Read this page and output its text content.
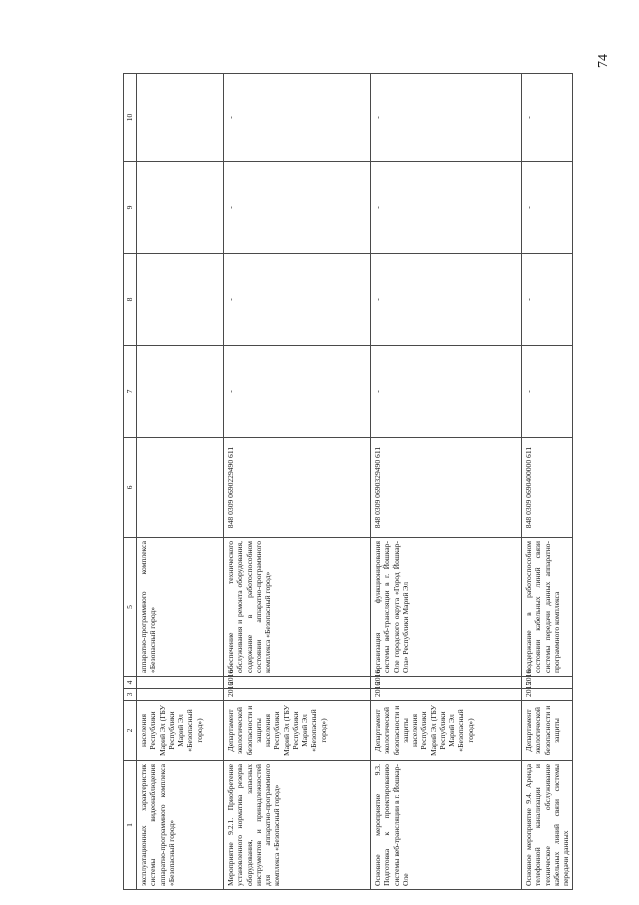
74
1	2	3	4	5	6	7	8	9	10
эксплуатационных характеристик системы видеонаблюдения аппаратно-программного комплекса «Безопасный город»	населения Республики Марий Эл (ГБУ Республики Марий Эл «Безопасный город»)			аппаратно-программного комплекса «Безопасный город»					
Мероприятие 9.2.1. Приобретение установленного норматива резерва оборудования, запасных инструментов и принадлежностей для аппаратно-программного комплекса «Безопасный город»	Департамент экологической безопасности и защиты населения Республики Марий Эл (ГБУ Республики Марий Эл «Безопасный город»)	2016	2016	обеспечение технического обслуживания и ремонта оборудования, содержание в работоспособном состоянии аппаратно-программного комплекса «Безопасный город»	848 0309 0690229490 611	-	-	-	-
Основное мероприятие 9.3. Подготовка к проектированию системы веб-трансляции в г. Йошкар-Оле	Департамент экологической безопасности и защиты населения Республики Марий Эл (ГБУ Республики Марий Эл «Безопасный город»)	2016	2016	организация функционирования системы веб-трансляции в г. Йошкар-Оле городского округа «Город Йошкар-Ола» Республики Марий Эл	848 0309 0690329490 611	-	-	-	-
Основное мероприятие 9.4. Аренда телефонной канализации и техническое обслуживание кабельных линий связи системы передачи данных	Департамент экологической безопасности и защиты	2015	2016	поддержание в работоспособном состоянии кабельных линий связи системы передачи данных аппаратно-программного комплекса	848 0309 0690400000 611	-	-	-	-
